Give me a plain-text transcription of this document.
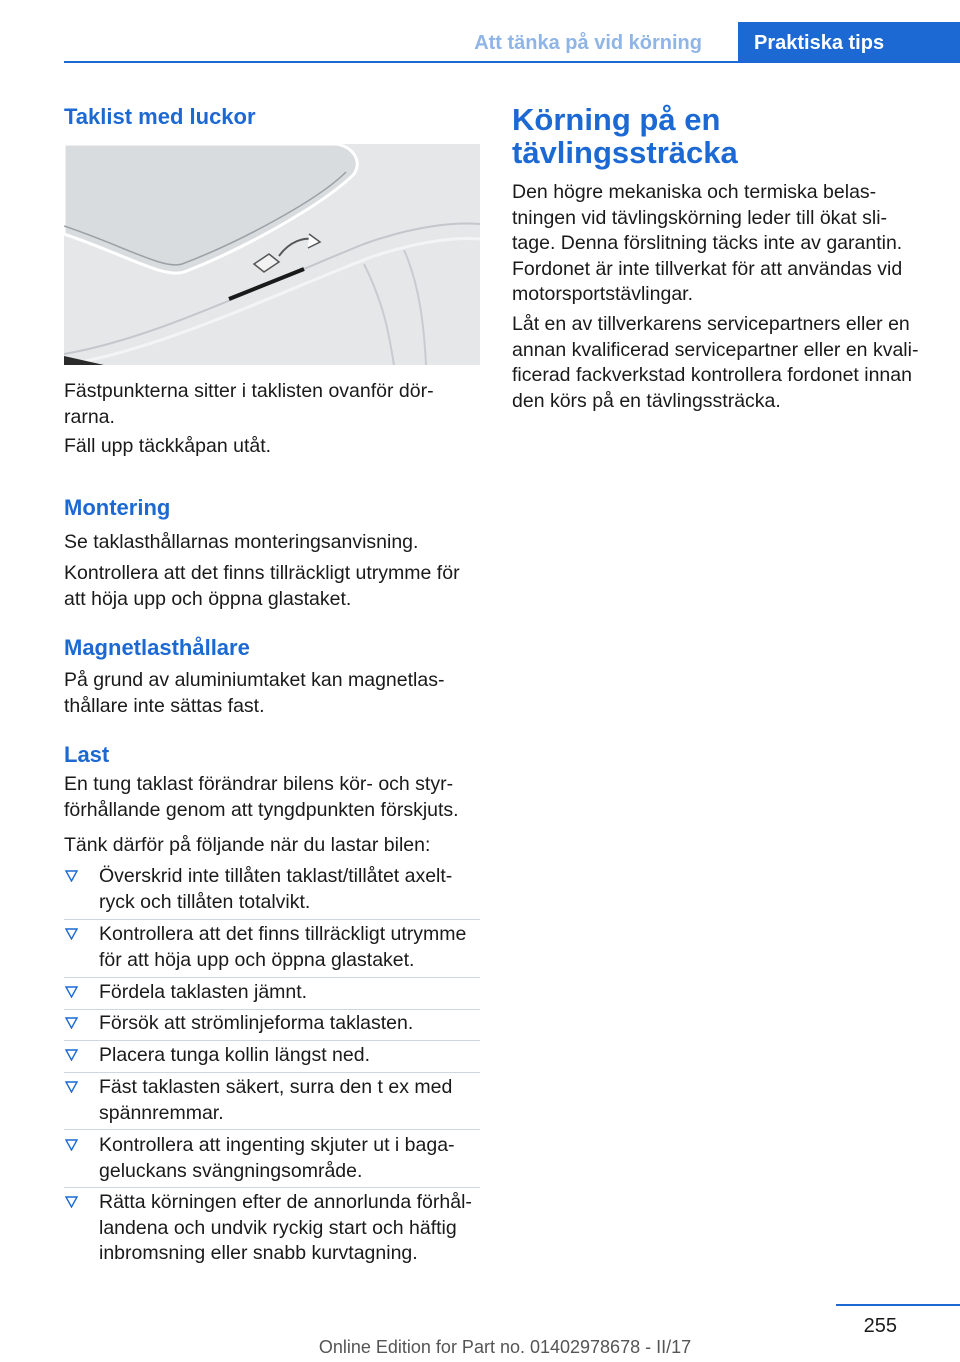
Att tänka på vid körning	Praktiska tips
Taklist med luckor

Fästpunkterna sitter i taklisten ovanför dör-
rarna.

Fäll upp täckkåpan utåt.

Montering

Se taklasthållarnas monteringsanvisning.

Kontrollera att det finns tillräckligt utrymme för att höja upp och öppna glastaket.

Magnetlasthållare

På grund av aluminiumtaket kan magnetlas-
thållare inte sättas fast.

Last

En tung taklast förändrar bilens kör- och styr-
förhållande genom att tyngdpunkten förskjuts.

Tänk därför på följande när du lastar bilen:

Överskrid inte tillåten taklast/tillåtet axelt-
ryck och tillåten totalvikt.
Kontrollera att det finns tillräckligt utrymme
för att höja upp och öppna glastaket.
Fördela taklasten jämnt.
Försök att strömlinjeforma taklasten.
Placera tunga kollin längst ned.
Fäst taklasten säkert, surra den t ex med
spännremmar.
Kontrollera att ingenting skjuter ut i baga-
geluckans svängningsområde.
Rätta körningen efter de annorlunda förhål-
landena och undvik ryckig start och häftig
inbromsning eller snabb kurvtagning.
Körning på en
tävlingssträcka

Den högre mekaniska och termiska belas-
tningen vid tävlingskörning leder till ökat sli-
tage. Denna förslitning täcks inte av garantin.
Fordonet är inte tillverkat för att användas vid
motorsportstävlingar.

Låt en av tillverkarens servicepartners eller en
annan kvalificerad servicepartner eller en kvali-
ficerad fackverkstad kontrollera fordonet innan
den körs på en tävlingssträcka.

255
Online Edition for Part no. 01402978678 - II/17
